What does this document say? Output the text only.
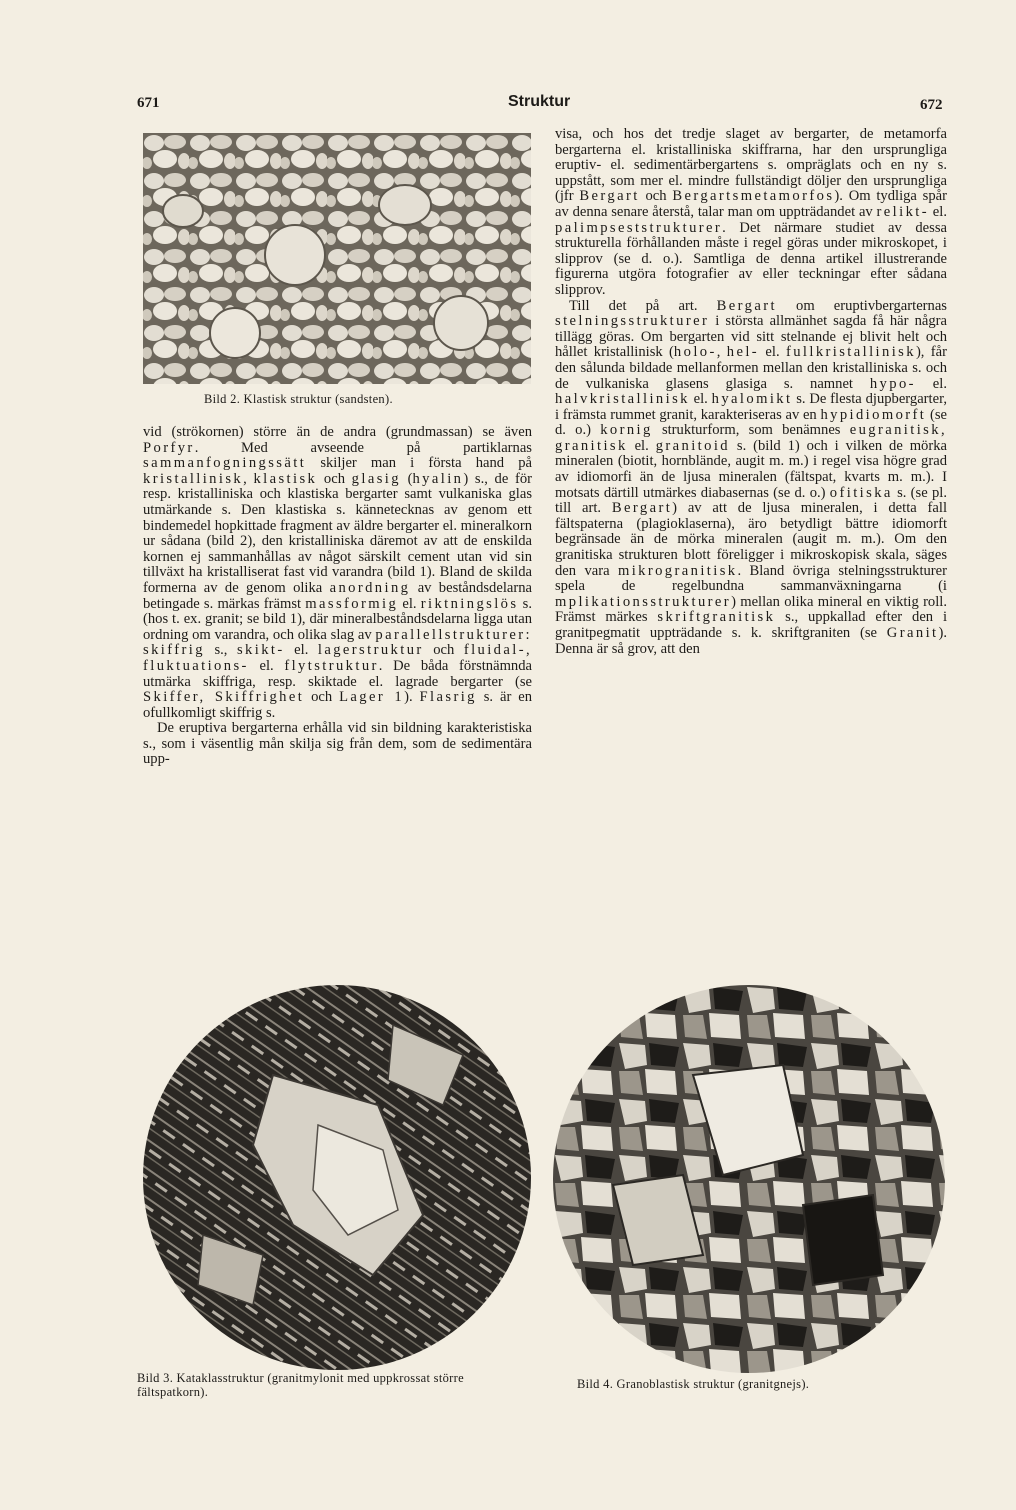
671	Struktur	672
Bild 2. Klastisk struktur (sandsten).

vid (strökornen) större än de andra (grundmassan) se även Porfyr. Med avseende på partiklarnas sammanfogningssätt skiljer man i första hand på kristallinisk, klastisk och glasig (hyalin) s., de för resp. kristalliniska och klastiska bergarter samt vulkaniska glas utmärkande s. Den klastiska s. kännetecknas av genom ett bindemedel hopkittade fragment av äldre bergarter el. mineralkorn ur sådana (bild 2), den kristalliniska däremot av att de enskilda kornen ej sammanhållas av något särskilt cement utan vid sin tillväxt ha kristalliserat fast vid varandra (bild 1). Bland de skilda formerna av de genom olika anordning av beståndsdelarna betingade s. märkas främst massformig el. riktningslös s. (hos t. ex. granit; se bild 1), där mineralbeståndsdelarna ligga utan ordning om varandra, och olika slag av parallellstrukturer: skiffrig s., skikt- el. lagerstruktur och fluidal-, fluktuations- el. flytstruktur. De båda förstnämnda utmärka skiffriga, resp. skiktade el. lagrade bergarter (se Skiffer, Skiffrighet och Lager 1). Flasrig s. är en ofullkomligt skiffrig s.

De eruptiva bergarterna erhålla vid sin bildning karakteristiska s., som i väsentlig mån skilja sig från dem, som de sedimentära upp-

visa, och hos det tredje slaget av bergarter, de metamorfa bergarterna el. kristalliniska skiffrarna, har den ursprungliga eruptiv- el. sedimentärbergartens s. ompräglats och en ny s. uppstått, som mer el. mindre fullständigt döljer den ursprungliga (jfr Bergart och Bergartsmetamorfos). Om tydliga spår av denna senare återstå, talar man om uppträdandet av relikt- el. palimpseststrukturer. Det närmare studiet av dessa strukturella förhållanden måste i regel göras under mikroskopet, i slipprov (se d. o.). Samtliga de denna artikel illustrerande figurerna utgöra fotografier av eller teckningar efter sådana slipprov.

Till det på art. Bergart om eruptivbergarternas stelningsstrukturer i största allmänhet sagda få här några tillägg göras. Om bergarten vid sitt stelnande ej blivit helt och hållet kristallinisk (holo-, hel- el. fullkristallinisk), får den sålunda bildade mellanformen mellan den kristalliniska s. och de vulkaniska glasens glasiga s. namnet hypo- el. halvkristallinisk el. hyalomikt s. De flesta djupbergarter, i främsta rummet granit, karakteriseras av en hypidiomorft (se d. o.) kornig strukturform, som benämnes eugranitisk, granitisk el. granitoid s. (bild 1) och i vilken de mörka mineralen (biotit, hornblände, augit m. m.) i regel visa högre grad av idiomorfi än de ljusa mineralen (fältspat, kvarts m. m.). I motsats därtill utmärkes diabasernas (se d. o.) ofitiska s. (se pl. till art. Bergart) av att de ljusa mineralen, i detta fall fältspaterna (plagioklaserna), äro betydligt bättre idiomorft begränsade än de mörka mineralen (augit m. m.). Om den granitiska strukturen blott föreligger i mikroskopisk skala, säges den vara mikrogranitisk. Bland övriga stelningsstrukturer spela de regelbundna sammanväxningarna (i mplikationsstrukturer) mellan olika mineral en viktig roll. Främst märkes skriftgranitisk s., uppkallad efter den i granitpegmatit uppträdande s. k. skriftgraniten (se Granit). Denna är så grov, att den

Bild 3. Kataklasstruktur (granitmylonit med uppkrossat större fältspatkorn).
Bild 4. Granoblastisk struktur (granitgnejs).
